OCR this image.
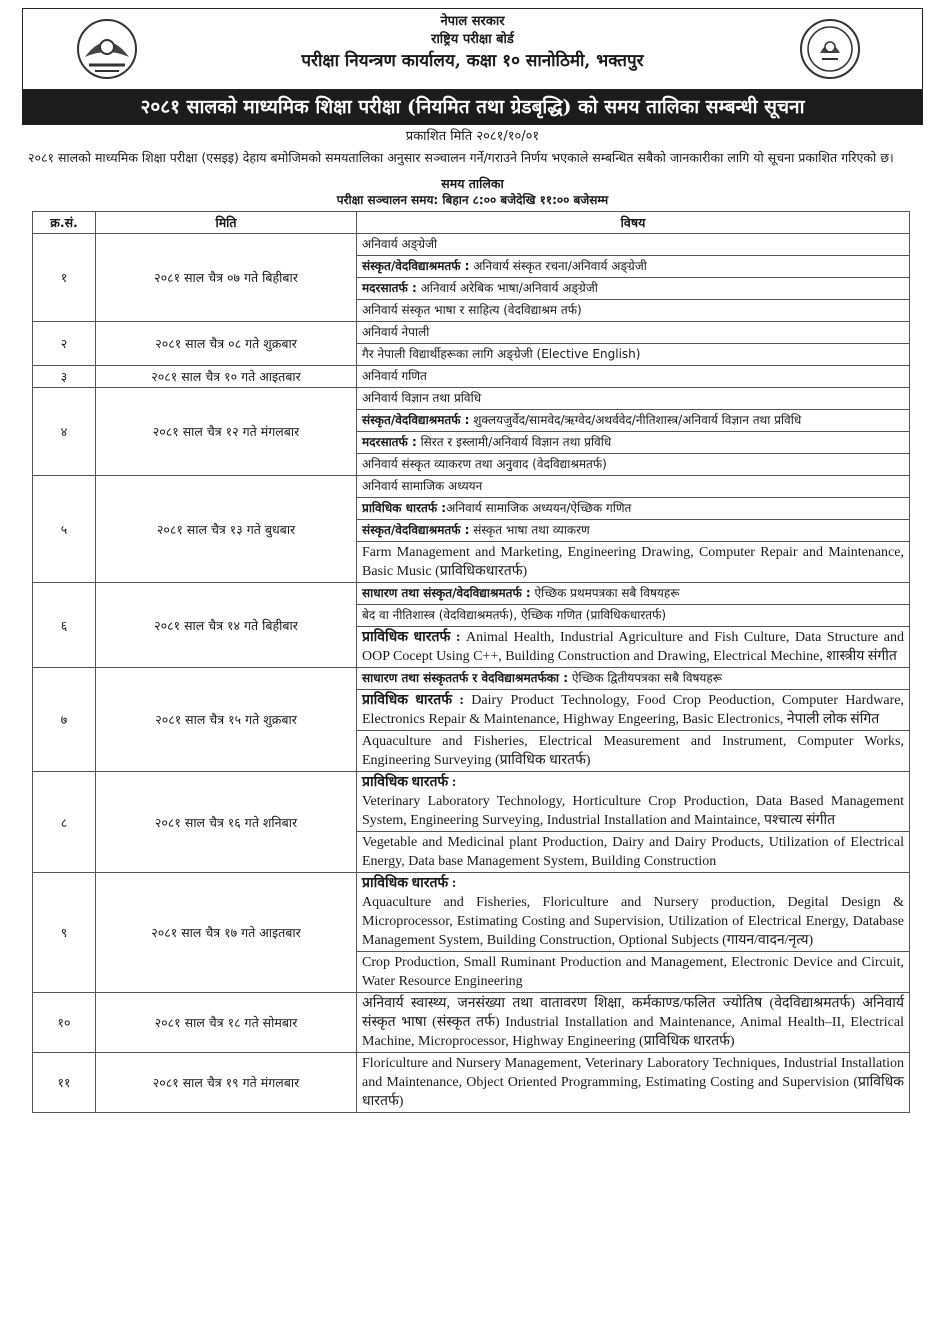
नेपाल सरकार
राष्ट्रिय परीक्षा बोर्ड
परीक्षा नियन्त्रण कार्यालय, कक्षा १० सानोठिमी, भक्तपुर
२०८१ सालको माध्यमिक शिक्षा परीक्षा (नियमित तथा ग्रेडबृद्धि) को समय तालिका सम्बन्धी सूचना
प्रकाशित मिति २०८१/१०/०१
२०८१ सालको माध्यमिक शिक्षा परीक्षा (एसइइ) देहाय बमोजिमको समयतालिका अनुसार सञ्चालन गर्ने/गराउने निर्णय भएकाले सम्बन्धित सबैको जानकारीका लागि यो सूचना प्रकाशित गरिएको छ।
समय तालिका
परीक्षा सञ्चालन समय: बिहान ८:०० बजेदेखि ११:०० बजेसम्म
क्र.सं.	मिति	विषय
१	२०८१ साल चैत्र ०७ गते बिहीबार	अनिवार्य अङ्ग्रेजी
		संस्कृत/वेदविद्याश्रमतर्फ : अनिवार्य संस्कृत रचना/अनिवार्य अङ्ग्रेजी
		मदरसातर्फ : अनिवार्य अरेबिक भाषा/अनिवार्य अङ्ग्रेजी
		अनिवार्य संस्कृत भाषा र साहित्य (वेदविद्याश्रम तर्फ)
२	२०८१ साल चैत्र ०८ गते शुक्रबार	अनिवार्य नेपाली
		गैर नेपाली विद्यार्थीहरूका लागि अङ्ग्रेजी (Elective English)
३	२०८१ साल चैत्र १० गते आइतबार	अनिवार्य गणित
४	२०८१ साल चैत्र १२ गते मंगलबार	अनिवार्य विज्ञान तथा प्रविधि
		संस्कृत/वेदविद्याश्रमतर्फ : शुक्लयजुर्वेद/सामवेद/ऋग्वेद/अथर्ववेद/नीतिशास्त्र/अनिवार्य विज्ञान तथा प्रविधि
		मदरसातर्फ : सिरत र इस्लामी/अनिवार्य विज्ञान तथा प्रविधि
		अनिवार्य संस्कृत व्याकरण तथा अनुवाद (वेदविद्याश्रमतर्फ)
५	२०८१ साल चैत्र १३ गते बुधबार	अनिवार्य सामाजिक अध्ययन
		प्राविधिक धारतर्फ :अनिवार्य सामाजिक अध्ययन/ऐच्छिक गणित
		संस्कृत/वेदविद्याश्रमतर्फ : संस्कृत भाषा तथा व्याकरण
		Farm Management and Marketing, Engineering Drawing, Computer Repair and Maintenance, Basic Music (प्राविधिकधारतर्फ)
६	२०८१ साल चैत्र १४ गते बिहीबार	साधारण तथा संस्कृत/वेदविद्याश्रमतर्फ : ऐच्छिक प्रथमपत्रका सबै विषयहरू
		बेद वा नीतिशास्त्र (वेदविद्याश्रमतर्फ), ऐच्छिक गणित (प्राविधिकधारतर्फ)
		प्राविधिक धारतर्फ : Animal Health, Industrial Agriculture and Fish Culture, Data Structure and OOP Cocept Using C++, Building Construction and Drawing, Electrical Mechine, शास्त्रीय संगीत
७	२०८१ साल चैत्र १५ गते शुक्रबार	साधारण तथा संस्कृततर्फ र वेदविद्याश्रमतर्फका : ऐच्छिक द्वितीयपत्रका सबै विषयहरू
		प्राविधिक धारतर्फ : Dairy Product Technology, Food Crop Peoduction, Computer Hardware, Electronics Repair & Maintenance, Highway Engeering, Basic Electronics, नेपाली लोक संगित
		Aquaculture and Fisheries, Electrical Measurement and Instrument, Computer Works, Engineering Surveying (प्राविधिक धारतर्फ)
८	२०८१ साल चैत्र १६ गते शनिबार	प्राविधिक धारतर्फ :
Veterinary Laboratory Technology, Horticulture Crop Production, Data Based Management System, Engineering Surveying, Industrial Installation and Maintaince, पश्चात्य संगीत
		Vegetable and Medicinal plant Production, Dairy and Dairy Products, Utilization of Electrical Energy, Data base Management System, Building Construction
९	२०८१ साल चैत्र १७ गते आइतबार	प्राविधिक धारतर्फ :
Aquaculture and Fisheries, Floriculture and Nursery production, Degital Design & Microprocessor, Estimating Costing and Supervision, Utilization of Electrical Energy, Database Management System, Building Construction, Optional Subjects (गायन/वादन/नृत्य)
		Crop Production, Small Ruminant Production and Management, Electronic Device and Circuit, Water Resource Engineering
१०	२०८१ साल चैत्र १८ गते सोमबार	अनिवार्य स्वास्थ्य, जनसंख्या तथा वातावरण शिक्षा, कर्मकाण्ड/फलित ज्योतिष (वेदविद्याश्रमतर्फ) अनिवार्य संस्कृत भाषा (संस्कृत तर्फ) Industrial Installation and Maintenance, Animal Health–II, Electrical Machine, Microprocessor, Highway Engineering (प्राविधिक धारतर्फ)
११	२०८१ साल चैत्र १९ गते मंगलबार	Floriculture and Nursery Management, Veterinary Laboratory Techniques, Industrial Installation and Maintenance, Object Oriented Programming, Estimating Costing and Supervision (प्राविधिक धारतर्फ)
